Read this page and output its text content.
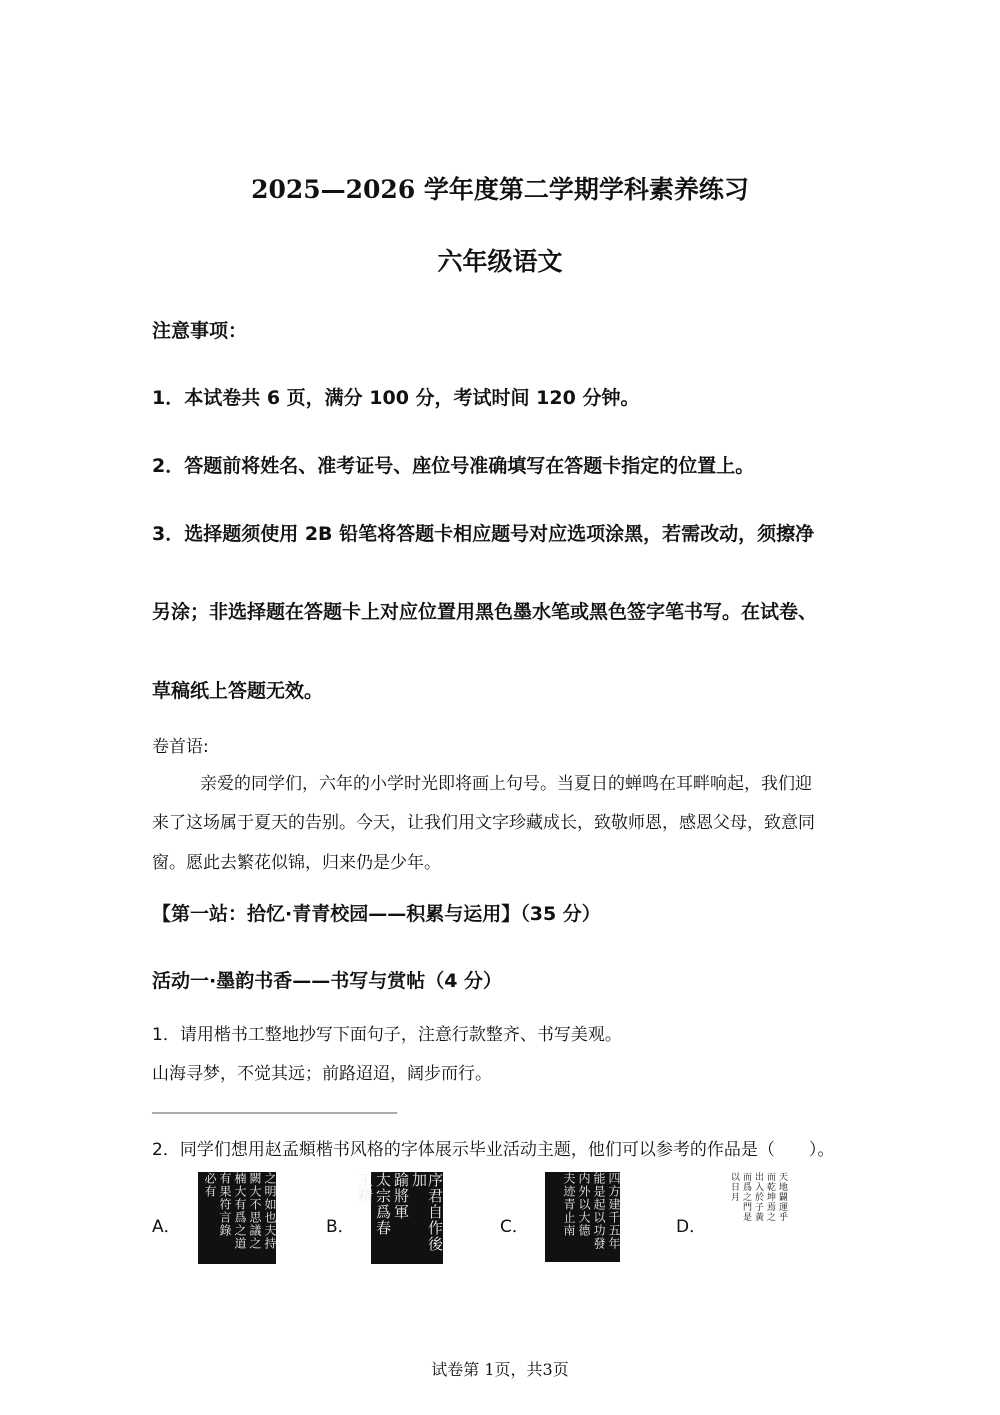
2025—2026 学年度第二学期学科素养练习
六年级语文
注意事项：
1．本试卷共 6 页，满分 100 分，考试时间 120 分钟。
2．答题前将姓名、准考证号、座位号准确填写在答题卡指定的位置上。
3．选择题须使用 2B 铅笔将答题卡相应题号对应选项涂黑，若需改动，须擦净
另涂；非选择题在答题卡上对应位置用黑色墨水笔或黑色签字笔书写。在试卷、
草稿纸上答题无效。
卷首语:
亲爱的同学们，六年的小学时光即将画上句号。当夏日的蝉鸣在耳畔响起，我们迎
来了这场属于夏天的告别。今天，让我们用文字珍藏成长，致敬师恩，感恩父母，致意同
窗。愿此去繁花似锦，归来仍是少年。
【第一站：拾忆·青青校园——积累与运用】（35 分）
活动一·墨韵书香——书写与赏帖（4 分）
1．请用楷书工整地抄写下面句子，注意行款整齐、书写美观。
山海寻梦，不觉其远；前路迢迢，阔步而行。
___________________________________
2．同学们想用赵孟頫楷书风格的字体展示毕业活动主题，他们可以参考的作品是（　　）。
A．	之明如也夫持
闕大不思議之
楠大有爲之道
有果符言錄
必有
B．	序君自作後加
踰將軍
太宗爲春
王精
C．	四方建千五年
能是起以功發
内外以大德
夫迹青止南	D．
天地闢運乎
而乾坤焉之
出入於子黃
而爲之門是
以日月
试卷第 1页，共3页
